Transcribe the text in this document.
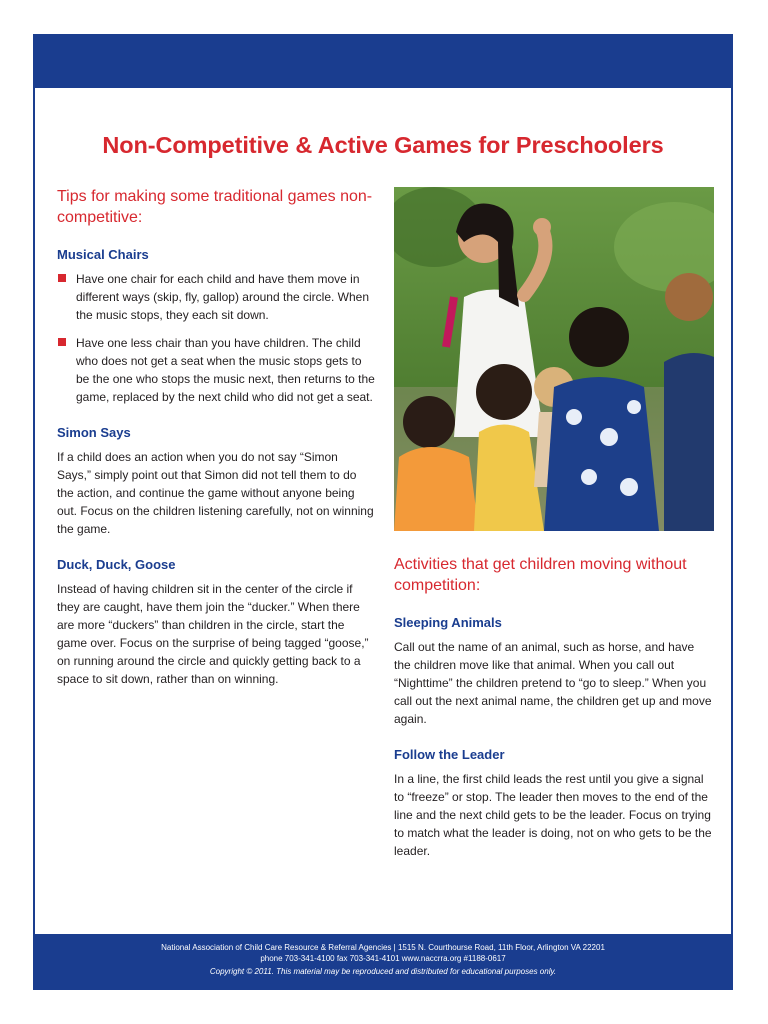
Non-Competitive & Active Games for Preschoolers
Tips for making some traditional games non-competitive:
Musical Chairs
Have one chair for each child and have them move in different ways (skip, fly, gallop) around the circle. When the music stops, they each sit down.
Have one less chair than you have children. The child who does not get a seat when the music stops gets to be the one who stops the music next, then returns to the game, replaced by the next child who did not get a seat.
Simon Says

If a child does an action when you do not say “Simon Says,” simply point out that Simon did not tell them to do the action, and continue the game without anyone being out. Focus on the children listening carefully, not on winning the game.

Duck, Duck, Goose

Instead of having children sit in the center of the circle if they are caught, have them join the “ducker.” When there are more “duckers” than children in the circle, start the game over. Focus on the surprise of being tagged “goose,” on running around the circle and quickly getting back to a space to sit down, rather than on winning.

Activities that get children moving without competition:
Sleeping Animals

Call out the name of an animal, such as horse, and have the children move like that animal. When you call out “Nighttime” the children pretend to “go to sleep.” When you call out the next animal name, the children get up and move again.

Follow the Leader

In a line, the first child leads the rest until you give a signal to “freeze” or stop. The leader then moves to the end of the line and the next child gets to be the leader. Focus on trying to match what the leader is doing, not on who gets to be the leader.

National Association of Child Care Resource & Referral Agencies | 1515 N. Courthourse Road, 11th Floor, Arlington VA 22201
phone 703-341-4100 fax 703-341-4101 www.naccrra.org #1188-0617
Copyright © 2011. This material may be reproduced and distributed for educational purposes only.
